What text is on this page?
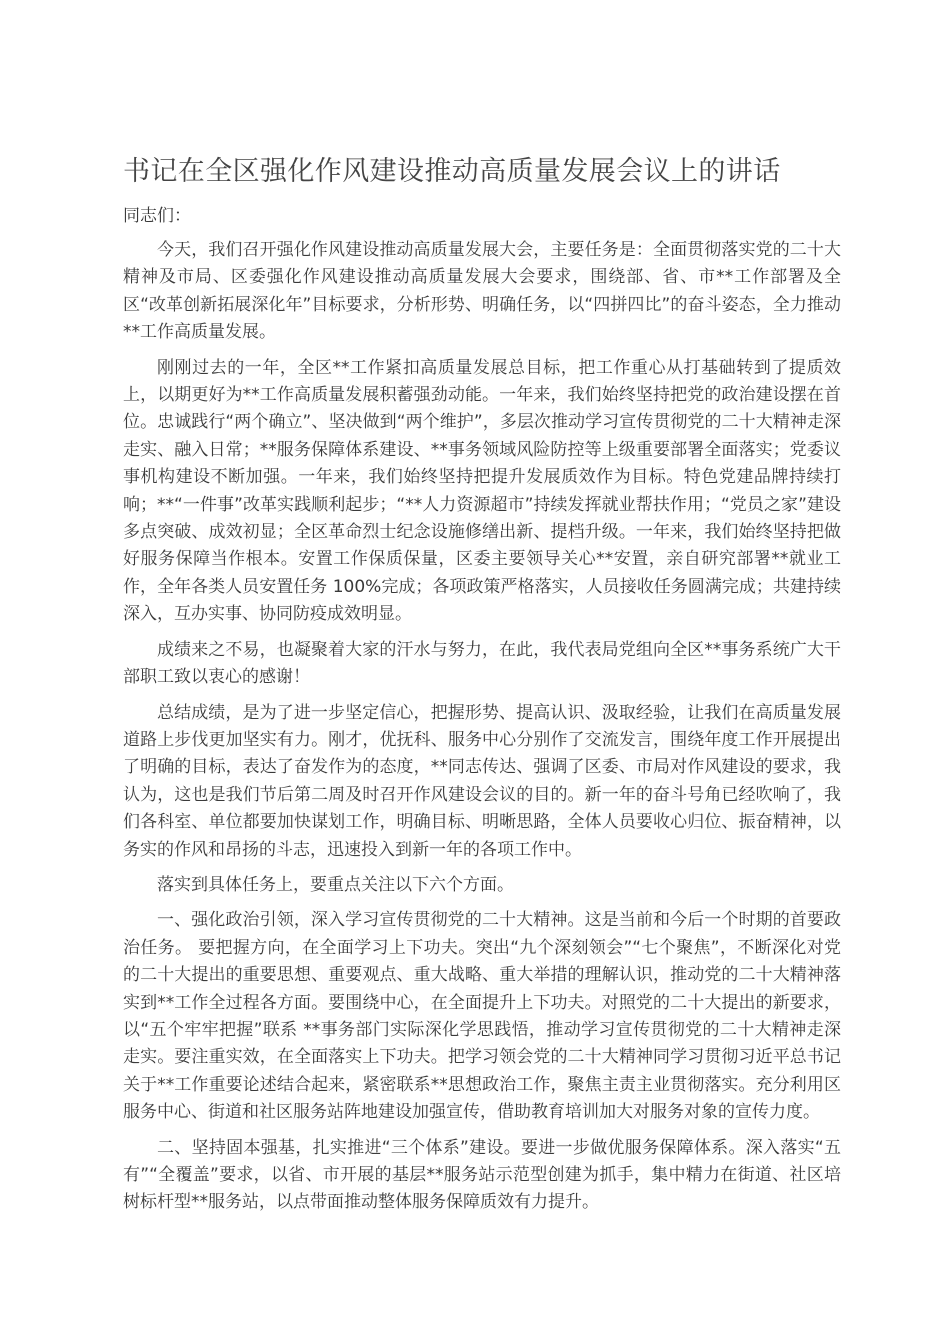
书记在全区强化作风建设推动高质量发展会议上的讲话

同志们：

今天，我们召开强化作风建设推动高质量发展大会，主要任务是：全面贯彻落实党的二十大精神及市局、区委强化作风建设推动高质量发展大会要求，围绕部、省、市**工作部署及全区“改革创新拓展深化年”目标要求，分析形势、明确任务，以“四拼四比”的奋斗姿态，全力推动**工作高质量发展。

刚刚过去的一年，全区**工作紧扣高质量发展总目标，把工作重心从打基础转到了提质效上，以期更好为**工作高质量发展积蓄强劲动能。一年来，我们始终坚持把党的政治建设摆在首位。忠诚践行“两个确立”、坚决做到“两个维护”，多层次推动学习宣传贯彻党的二十大精神走深走实、融入日常；**服务保障体系建设、**事务领域风险防控等上级重要部署全面落实；党委议事机构建设不断加强。一年来，我们始终坚持把提升发展质效作为目标。特色党建品牌持续打响；**“一件事”改革实践顺利起步；“**人力资源超市”持续发挥就业帮扶作用；“党员之家”建设多点突破、成效初显；全区革命烈士纪念设施修缮出新、提档升级。一年来，我们始终坚持把做好服务保障当作根本。安置工作保质保量，区委主要领导关心**安置，亲自研究部署**就业工作，全年各类人员安置任务 100%完成；各项政策严格落实，人员接收任务圆满完成；共建持续深入，互办实事、协同防疫成效明显。

成绩来之不易，也凝聚着大家的汗水与努力，在此，我代表局党组向全区**事务系统广大干部职工致以衷心的感谢！

总结成绩，是为了进一步坚定信心，把握形势、提高认识、汲取经验，让我们在高质量发展道路上步伐更加坚实有力。刚才，优抚科、服务中心分别作了交流发言，围绕年度工作开展提出了明确的目标，表达了奋发作为的态度，**同志传达、强调了区委、市局对作风建设的要求，我认为，这也是我们节后第二周及时召开作风建设会议的目的。新一年的奋斗号角已经吹响了，我们各科室、单位都要加快谋划工作，明确目标、明晰思路，全体人员要收心归位、振奋精神，以务实的作风和昂扬的斗志，迅速投入到新一年的各项工作中。

落实到具体任务上，要重点关注以下六个方面。

一、强化政治引领，深入学习宣传贯彻党的二十大精神。这是当前和今后一个时期的首要政治任务。 要把握方向，在全面学习上下功夫。突出“九个深刻领会”“七个聚焦”，不断深化对党的二十大提出的重要思想、重要观点、重大战略、重大举措的理解认识，推动党的二十大精神落实到**工作全过程各方面。要围绕中心，在全面提升上下功夫。对照党的二十大提出的新要求，以“五个牢牢把握”联系 **事务部门实际深化学思践悟，推动学习宣传贯彻党的二十大精神走深走实。要注重实效，在全面落实上下功夫。把学习领会党的二十大精神同学习贯彻习近平总书记关于**工作重要论述结合起来，紧密联系**思想政治工作，聚焦主责主业贯彻落实。充分利用区服务中心、街道和社区服务站阵地建设加强宣传，借助教育培训加大对服务对象的宣传力度。

二、坚持固本强基，扎实推进“三个体系”建设。要进一步做优服务保障体系。深入落实“五有”“全覆盖”要求，以省、市开展的基层**服务站示范型创建为抓手，集中精力在街道、社区培树标杆型**服务站，以点带面推动整体服务保障质效有力提升。
